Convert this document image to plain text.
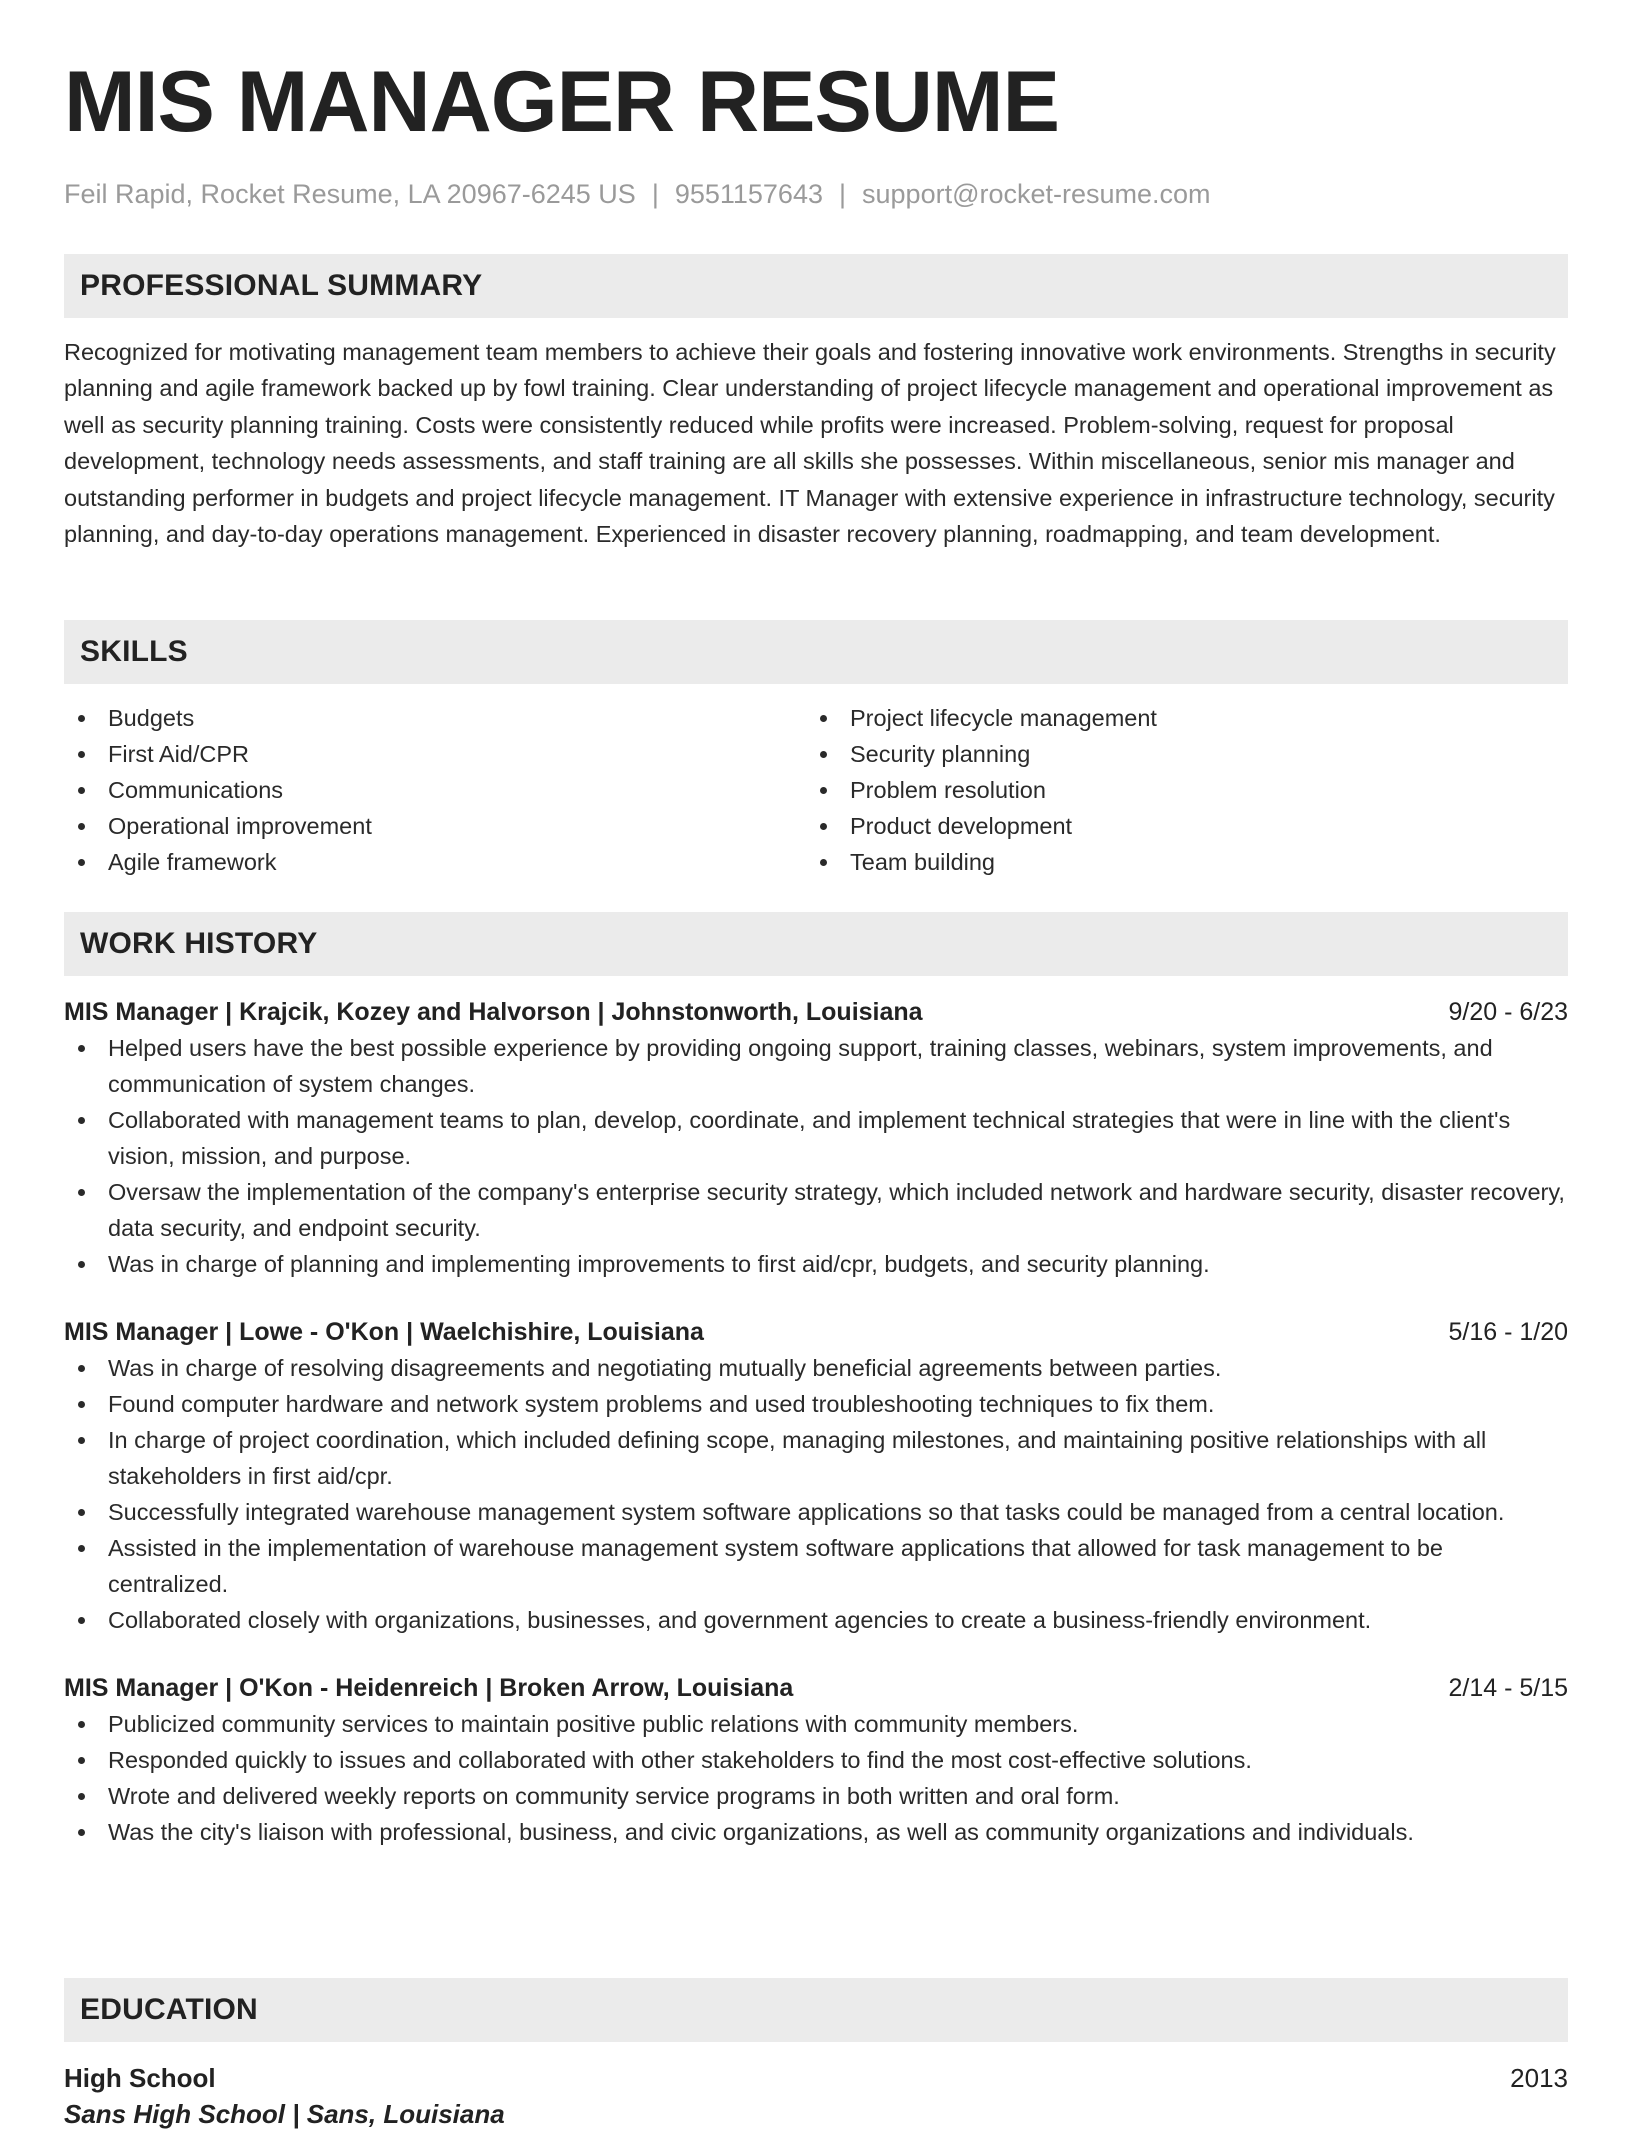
MIS MANAGER RESUME
Feil Rapid, Rocket Resume, LA 20967-6245 US | 9551157643 | support@rocket-resume.com
PROFESSIONAL SUMMARY

Recognized for motivating management team members to achieve their goals and fostering innovative work environments. Strengths in security planning and agile framework backed up by fowl training. Clear understanding of project lifecycle management and operational improvement as well as security planning training. Costs were consistently reduced while profits were increased. Problem-solving, request for proposal development, technology needs assessments, and staff training are all skills she possesses. Within miscellaneous, senior mis manager and outstanding performer in budgets and project lifecycle management. IT Manager with extensive experience in infrastructure technology, security planning, and day-to-day operations management. Experienced in disaster recovery planning, roadmapping, and team development.

SKILLS
Budgets
First Aid/CPR
Communications
Operational improvement
Agile framework
Project lifecycle management
Security planning
Problem resolution
Product development
Team building
WORK HISTORY
MIS Manager | Krajcik, Kozey and Halvorson | Johnstonworth, Louisiana	9/20 - 6/23
Helped users have the best possible experience by providing ongoing support, training classes, webinars, system improvements, and communication of system changes.
Collaborated with management teams to plan, develop, coordinate, and implement technical strategies that were in line with the client's vision, mission, and purpose.
Oversaw the implementation of the company's enterprise security strategy, which included network and hardware security, disaster recovery, data security, and endpoint security.
Was in charge of planning and implementing improvements to first aid/cpr, budgets, and security planning.
MIS Manager | Lowe - O'Kon | Waelchishire, Louisiana	5/16 - 1/20
Was in charge of resolving disagreements and negotiating mutually beneficial agreements between parties.
Found computer hardware and network system problems and used troubleshooting techniques to fix them.
In charge of project coordination, which included defining scope, managing milestones, and maintaining positive relationships with all stakeholders in first aid/cpr.
Successfully integrated warehouse management system software applications so that tasks could be managed from a central location.
Assisted in the implementation of warehouse management system software applications that allowed for task management to be centralized.
Collaborated closely with organizations, businesses, and government agencies to create a business-friendly environment.
MIS Manager | O'Kon - Heidenreich | Broken Arrow, Louisiana	2/14 - 5/15
Publicized community services to maintain positive public relations with community members.
Responded quickly to issues and collaborated with other stakeholders to find the most cost-effective solutions.
Wrote and delivered weekly reports on community service programs in both written and oral form.
Was the city's liaison with professional, business, and civic organizations, as well as community organizations and individuals.
EDUCATION
High School	2013
Sans High School | Sans, Louisiana
